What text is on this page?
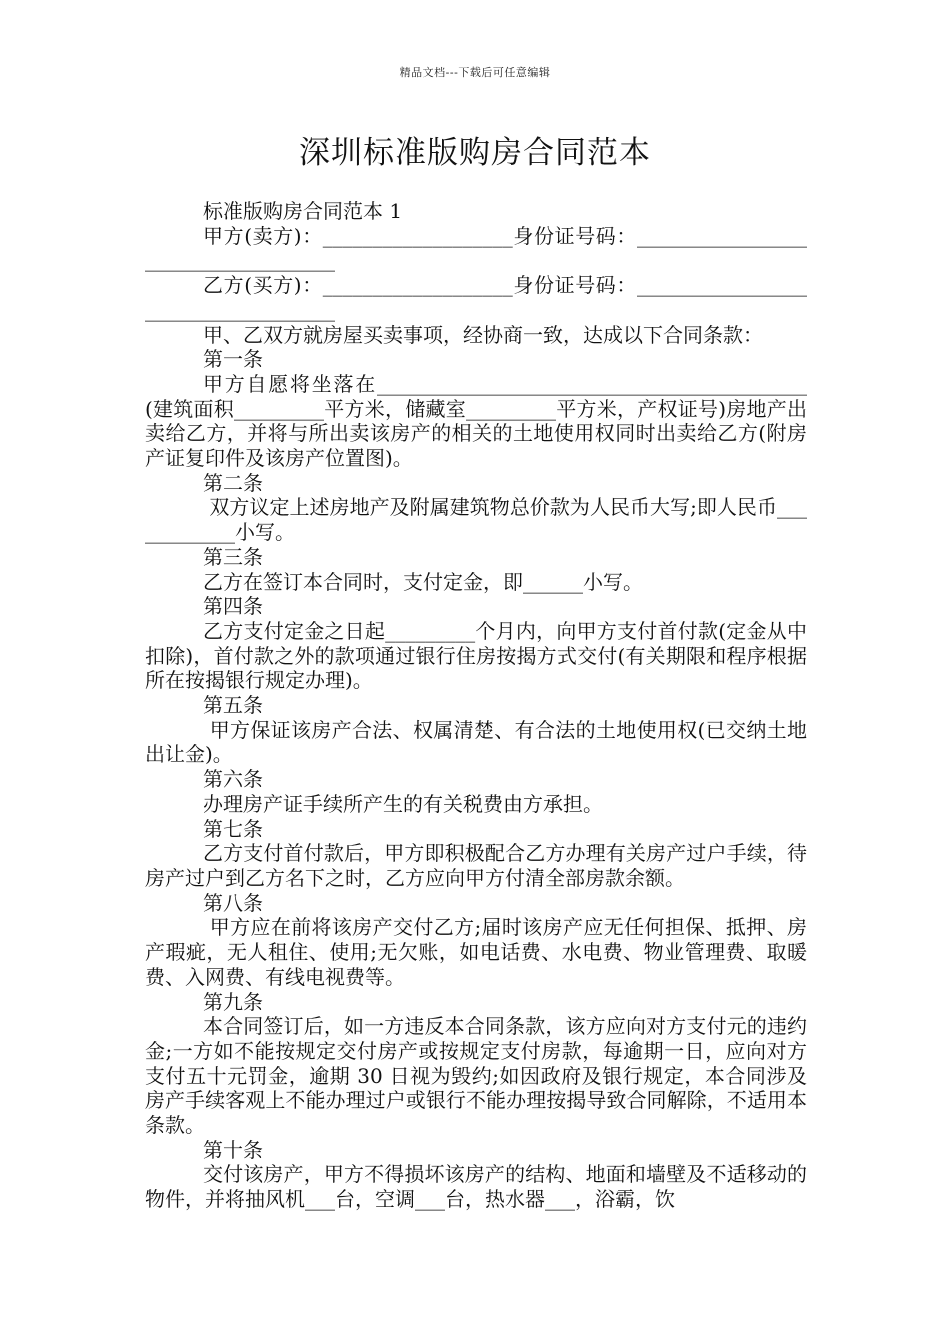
精品文档---下载后可任意编辑
深圳标准版购房合同范本

标准版购房合同范本 1

甲方(卖方)：___________________身份证号码：____________________________________

乙方(买方)：___________________身份证号码：____________________________________

甲、乙双方就房屋买卖事项，经协商一致，达成以下合同条款：

第一条

甲方自愿将坐落在___________________________________________(建筑面积_________平方米，储藏室_________平方米，产权证号)房地产出卖给乙方，并将与所出卖该房产的相关的土地使用权同时出卖给乙方(附房产证复印件及该房产位置图)。

第二条

双方议定上述房地产及附属建筑物总价款为人民币大写;即人民币____________小写。

第三条

乙方在签订本合同时，支付定金，即______小写。

第四条

乙方支付定金之日起_________个月内，向甲方支付首付款(定金从中扣除)，首付款之外的款项通过银行住房按揭方式交付(有关期限和程序根据所在按揭银行规定办理)。

第五条

甲方保证该房产合法、权属清楚、有合法的土地使用权(已交纳土地出让金)。

第六条

办理房产证手续所产生的有关税费由方承担。

第七条

乙方支付首付款后，甲方即积极配合乙方办理有关房产过户手续，待房产过户到乙方名下之时，乙方应向甲方付清全部房款余额。

第八条

甲方应在前将该房产交付乙方;届时该房产应无任何担保、抵押、房产瑕疵，无人租住、使用;无欠账，如电话费、水电费、物业管理费、取暖费、入网费、有线电视费等。

第九条

本合同签订后，如一方违反本合同条款，该方应向对方支付元的违约金;一方如不能按规定交付房产或按规定支付房款，每逾期一日，应向对方支付五十元罚金，逾期 30 日视为毁约;如因政府及银行规定，本合同涉及房产手续客观上不能办理过户或银行不能办理按揭导致合同解除，不适用本条款。

第十条

交付该房产，甲方不得损坏该房产的结构、地面和墙壁及不适移动的物件，并将抽风机___台，空调___台，热水器___，浴霸，饮
